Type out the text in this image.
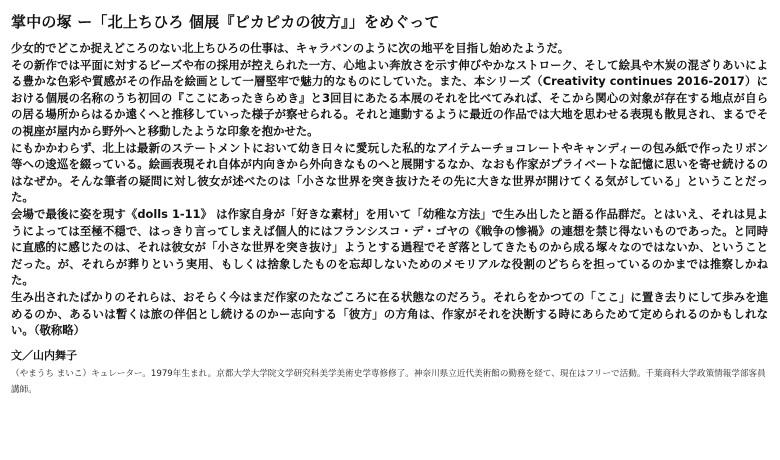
掌中の塚 ー「北上ちひろ 個展『ピカピカの彼方』」をめぐって

少女的でどこか捉えどころのない北上ちひろの仕事は、キャラバンのように次の地平を目指し始めたようだ。

その新作では平面に対するビーズや布の採用が控えられた一方、心地よい奔放さを示す伸びやかなストローク、そして絵具や木炭の混ざりあいによる豊かな色彩や質感がその作品を絵画として一層堅牢で魅力的なものにしていた。また、本シリーズ（Creativity continues 2016-2017）における個展の名称のうち初回の『ここにあったきらめき』と3回目にあたる本展のそれを比べてみれば、そこから関心の対象が存在する地点が自らの居る場所からはるか遠くへと推移していった様子が察せられる。それと連動するように最近の作品では大地を思わせる表現も散見され、まるでその視座が屋内から野外へと移動したような印象を抱かせた。

にもかかわらず、北上は最新のステートメントにおいて幼き日々に愛玩した私的なアイテムーチョコレートやキャンディーの包み紙で作ったリボン等への逡巡を綴っている。絵画表現それ自体が内向きから外向きなものへと展開するなか、なおも作家がプライベートな記憶に思いを寄せ続けるのはなぜか。そんな筆者の疑問に対し彼女が述べたのは「小さな世界を突き抜けたその先に大きな世界が開けてくる気がしている」ということだった。

会場で最後に姿を現す《dolls 1-11》 は作家自身が「好きな素材」を用いて「幼稚な方法」で生み出したと語る作品群だ。とはいえ、それは見ようによっては至極不穏で、はっきり言ってしまえば個人的にはフランシスコ・デ・ゴヤの《戦争の惨禍》の連想を禁じ得ないものであった。と同時に直感的に感じたのは、それは彼女が「小さな世界を突き抜け」ようとする過程でそぎ落としてきたものから成る塚々なのではないか、ということだった。が、それらが葬りという実用、もしくは捨象したものを忘却しないためのメモリアルな役割のどちらを担っているのかまでは推察しかねた。

生み出されたばかりのそれらは、おそらく今はまだ作家のたなごころに在る状態なのだろう。それらをかつての「ここ」に置き去りにして歩みを進めるのか、あるいは暫くは旅の伴侶とし続けるのかー志向する「彼方」の方角は、作家がそれを決断する時にあらためて定められるのかもしれない。（敬称略）

文／山内舞子
（やまうち まいこ）キュレーター。1979年生まれ。京都大学大学院文学研究科美学美術史学専修修了。神奈川県立近代美術館の勤務を経て、現在はフリーで活動。千葉商科大学政策情報学部客員講師。
